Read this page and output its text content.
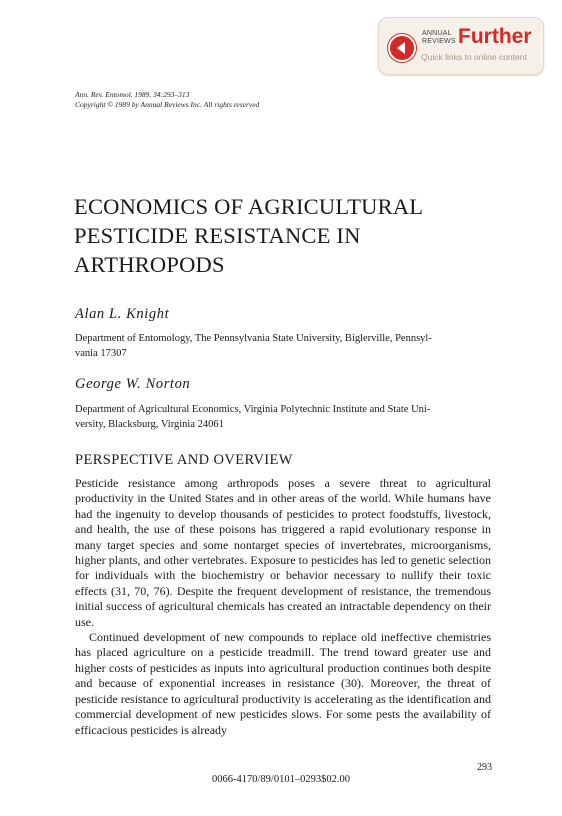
ANNUAL
REVIEWS Further
Quick links to online content
Ann. Rev. Entomol. 1989. 34:293–313
Copyright © 1989 by Annual Reviews Inc. All rights reserved
ECONOMICS OF AGRICULTURAL
PESTICIDE RESISTANCE IN
ARTHROPODS
Alan L. Knight
Department of Entomology, The Pennsylvania State University, Biglerville, Pennsyl-
vania 17307
George W. Norton
Department of Agricultural Economics, Virginia Polytechnic Institute and State Uni-
versity, Blacksburg, Virginia 24061
PERSPECTIVE AND OVERVIEW

Pesticide resistance among arthropods poses a severe threat to agricultural productivity in the United States and in other areas of the world. While humans have had the ingenuity to develop thousands of pesticides to protect foodstuffs, livestock, and health, the use of these poisons has triggered a rapid evolutionary response in many target species and some nontarget species of invertebrates, microorganisms, higher plants, and other vertebrates. Exposure to pesticides has led to genetic selection for individuals with the biochemistry or behavior necessary to nullify their toxic effects (31, 70, 76). Despite the frequent development of resistance, the tremendous initial success of agricultural chemicals has created an intractable dependency on their use.

Continued development of new compounds to replace old ineffective chemistries has placed agriculture on a pesticide treadmill. The trend toward greater use and higher costs of pesticides as inputs into agricultural production continues both despite and because of exponential increases in resistance (30). Moreover, the threat of pesticide resistance to agricultural productivity is accelerating as the identification and commercial development of new pesticides slows. For some pests the availability of efficacious pesticides is already

293
0066-4170/89/0101–0293$02.00
